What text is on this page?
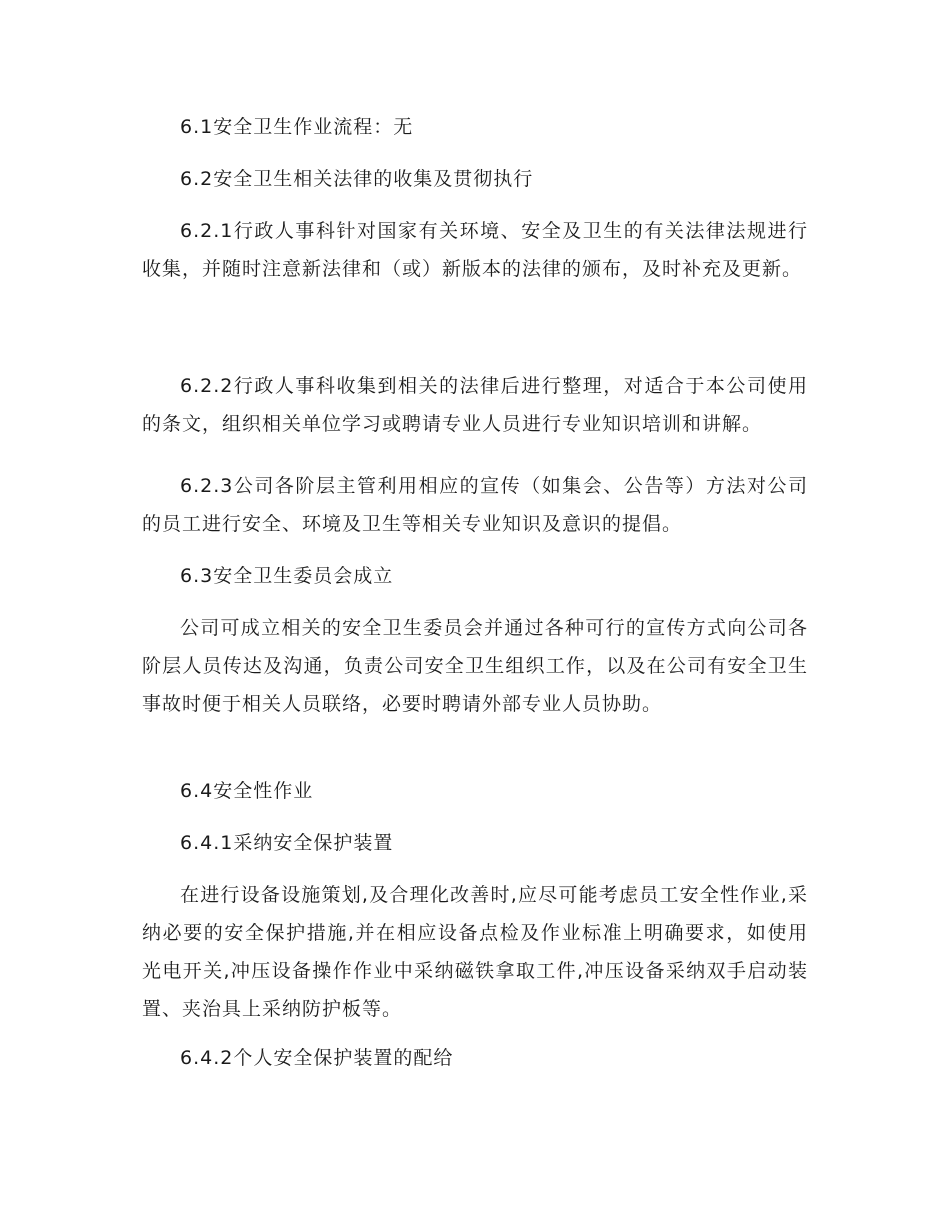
6.1安全卫生作业流程：无

6.2安全卫生相关法律的收集及贯彻执行

6.2.1行政人事科针对国家有关环境、安全及卫生的有关法律法规进行收集，并随时注意新法律和（或）新版本的法律的颁布，及时补充及更新。

6.2.2行政人事科收集到相关的法律后进行整理，对适合于本公司使用的条文，组织相关单位学习或聘请专业人员进行专业知识培训和讲解。

6.2.3公司各阶层主管利用相应的宣传（如集会、公告等）方法对公司的员工进行安全、环境及卫生等相关专业知识及意识的提倡。

6.3安全卫生委员会成立

公司可成立相关的安全卫生委员会并通过各种可行的宣传方式向公司各阶层人员传达及沟通，负责公司安全卫生组织工作，以及在公司有安全卫生事故时便于相关人员联络，必要时聘请外部专业人员协助。

6.4安全性作业

6.4.1采纳安全保护装置

在进行设备设施策划,及合理化改善时,应尽可能考虑员工安全性作业,采纳必要的安全保护措施,并在相应设备点检及作业标准上明确要求，如使用光电开关,冲压设备操作作业中采纳磁铁拿取工件,冲压设备采纳双手启动装置、夹治具上采纳防护板等。

6.4.2个人安全保护装置的配给
